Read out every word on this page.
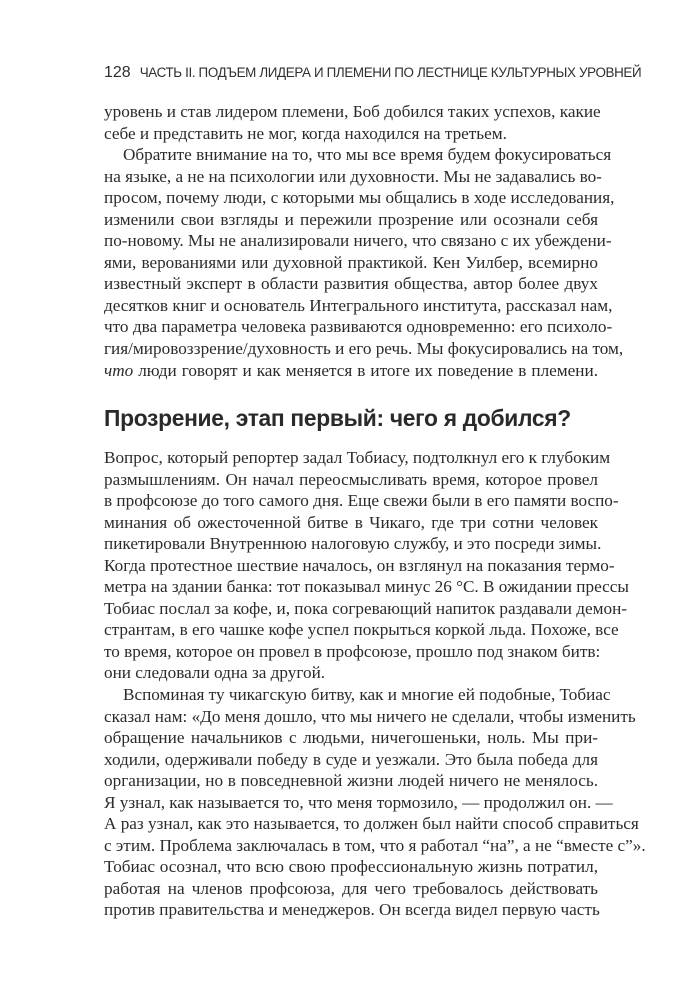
128 ЧАСТЬ II. ПОДЪЕМ ЛИДЕРА И ПЛЕМЕНИ ПО ЛЕСТНИЦЕ КУЛЬТУРНЫХ УРОВНЕЙ
уровень и став лидером племени, Боб добился таких успехов, какие
себе и представить не мог, когда находился на третьем.
Обратите внимание на то, что мы все время будем фокусироваться
на языке, а не на психологии или духовности. Мы не задавались во-
просом, почему люди, с которыми мы общались в ходе исследования,
изменили свои взгляды и пережили прозрение или осознали себя
по-новому. Мы не анализировали ничего, что связано с их убеждени-
ями, верованиями или духовной практикой. Кен Уилбер, всемирно
известный эксперт в области развития общества, автор более двух
десятков книг и основатель Интегрального института, рассказал нам,
что два параметра человека развиваются одновременно: его психоло-
гия/мировоззрение/духовность и его речь. Мы фокусировались на том,
что люди говорят и как меняется в итоге их поведение в племени.
Прозрение, этап первый: чего я добился?
Вопрос, который репортер задал Тобиасу, подтолкнул его к глубоким
размышлениям. Он начал переосмысливать время, которое провел
в профсоюзе до того самого дня. Еще свежи были в его памяти воспо-
минания об ожесточенной битве в Чикаго, где три сотни человек
пикетировали Внутреннюю налоговую службу, и это посреди зимы.
Когда протестное шествие началось, он взглянул на показания термо-
метра на здании банка: тот показывал минус 26 °C. В ожидании прессы
Тобиас послал за кофе, и, пока согревающий напиток раздавали демон-
странтам, в его чашке кофе успел покрыться коркой льда. Похоже, все
то время, которое он провел в профсоюзе, прошло под знаком битв:
они следовали одна за другой.
Вспоминая ту чикагскую битву, как и многие ей подобные, Тобиас
сказал нам: «До меня дошло, что мы ничего не сделали, чтобы изменить
обращение начальников с людьми, ничегошеньки, ноль. Мы при-
ходили, одерживали победу в суде и уезжали. Это была победа для
организации, но в повседневной жизни людей ничего не менялось.
Я узнал, как называется то, что меня тормозило, — продолжил он. —
А раз узнал, как это называется, то должен был найти способ справиться
с этим. Проблема заключалась в том, что я работал “на”, а не “вместе с”».
Тобиас осознал, что всю свою профессиональную жизнь потратил,
работая на членов профсоюза, для чего требовалось действовать
против правительства и менеджеров. Он всегда видел первую часть
